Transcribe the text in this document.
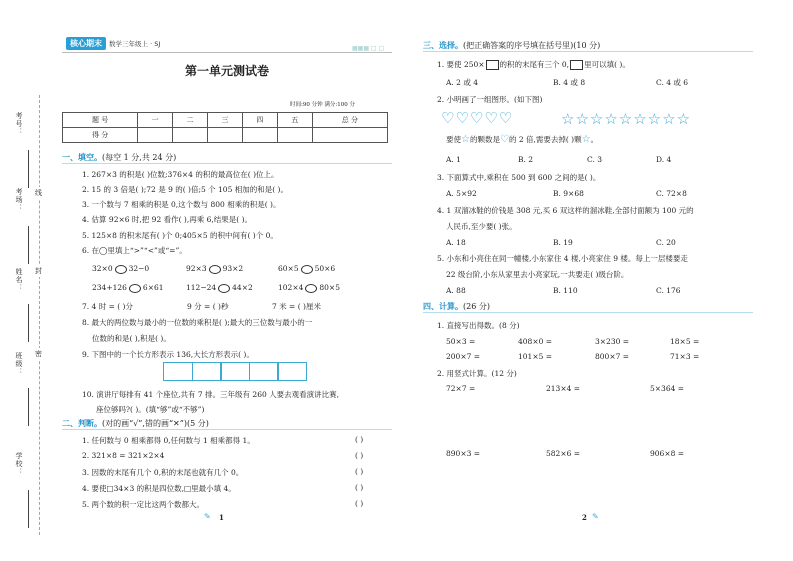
考号：
考场： 线
封
姓名：
密
班级：
学校：
核心期末	数学三年级上 · SJ
▦▦▦ □ □
第一单元测试卷
时间:90 分钟 满分:100 分
题 号	一	二	三	四	五	总 分
得 分						
一、填空。(每空 1 分,共 24 分)
1. 267×3 的积是( )位数;376×4 的积的最高位在( )位上。
2. 15 的 3 倍是( );72 是 9 的( )倍;5 个 105 相加的和是( )。
3. 一个数与 7 相乘的积是 0,这个数与 800 相乘的积是( )。
4. 估算 92×6 时,把 92 看作( ),再乘 6,结果是( )。
5. 125×8 的积末尾有( )个 0;405×5 的积中间有( )个 0。
6. 在◯里填上“>”“<”或“=”。
32×0 32−0	92×3 93×2	60×5 50×6
234+126 6×61	112−24 44×2	102×4 80×5
7. 4 时 = ( )分	9 分 = ( )秒	7 米 = ( )厘米
8. 最大的两位数与最小的一位数的乘积是( );最大的三位数与最小的一
位数的和是( ),积是( )。
9. 下图中的一个长方形表示 136,大长方形表示( )。
10. 演讲厅每排有 41 个座位,共有 7 排。三年级有 260 人要去观看演讲比赛,
座位够吗?( )。(填“够”或“不够”)
二、判断。(对的画“√”,错的画“✕”)(5 分)
1. 任何数与 0 相乘都得 0,任何数与 1 相乘都得 1。	( )
2. 321×8 = 321×2×4	( )
3. 因数的末尾有几个 0,积的末尾也就有几个 0。	( )
4. 要使□34×3 的积是四位数,□里最小填 4。	( )
5. 两个数的积一定比这两个数都大。	( )
✎ 1
三、选择。(把正确答案的序号填在括号里)(10 分)
1. 要使 250× 的积的末尾有三个 0, 里可以填( )。
A. 2 或 4	B. 4 或 8	C. 4 或 6
2. 小明画了一组图形。(如下图)
♡♡♡♡♡	☆☆☆☆☆☆☆☆☆
要使☆的颗数是♡的 2 倍,需要去掉( )颗☆。
A. 1	B. 2	C. 3	D. 4
3. 下面算式中,乘积在 500 到 600 之间的是( )。
A. 5×92	B. 9×68	C. 72×8
4. 1 双溜冰鞋的价钱是 308 元,买 6 双这样的溜冰鞋,全部付面额为 100 元的
人民币,至少要( )张。
A. 18	B. 19	C. 20
5. 小东和小亮住在同一幢楼,小东家住 4 楼,小亮家住 9 楼。每上一层楼要走
22 级台阶,小东从家里去小亮家玩,一共要走( )级台阶。
A. 88	B. 110	C. 176
四、计算。(26 分)
1. 直接写出得数。(8 分)
50×3 =	408×0 =	3×230 =	18×5 =
200×7 =	101×5 =	800×7 =	71×3 =
2. 用竖式计算。(12 分)
72×7 =	213×4 =	5×364 =
890×3 =	582×6 =	906×8 =
2 ✎
